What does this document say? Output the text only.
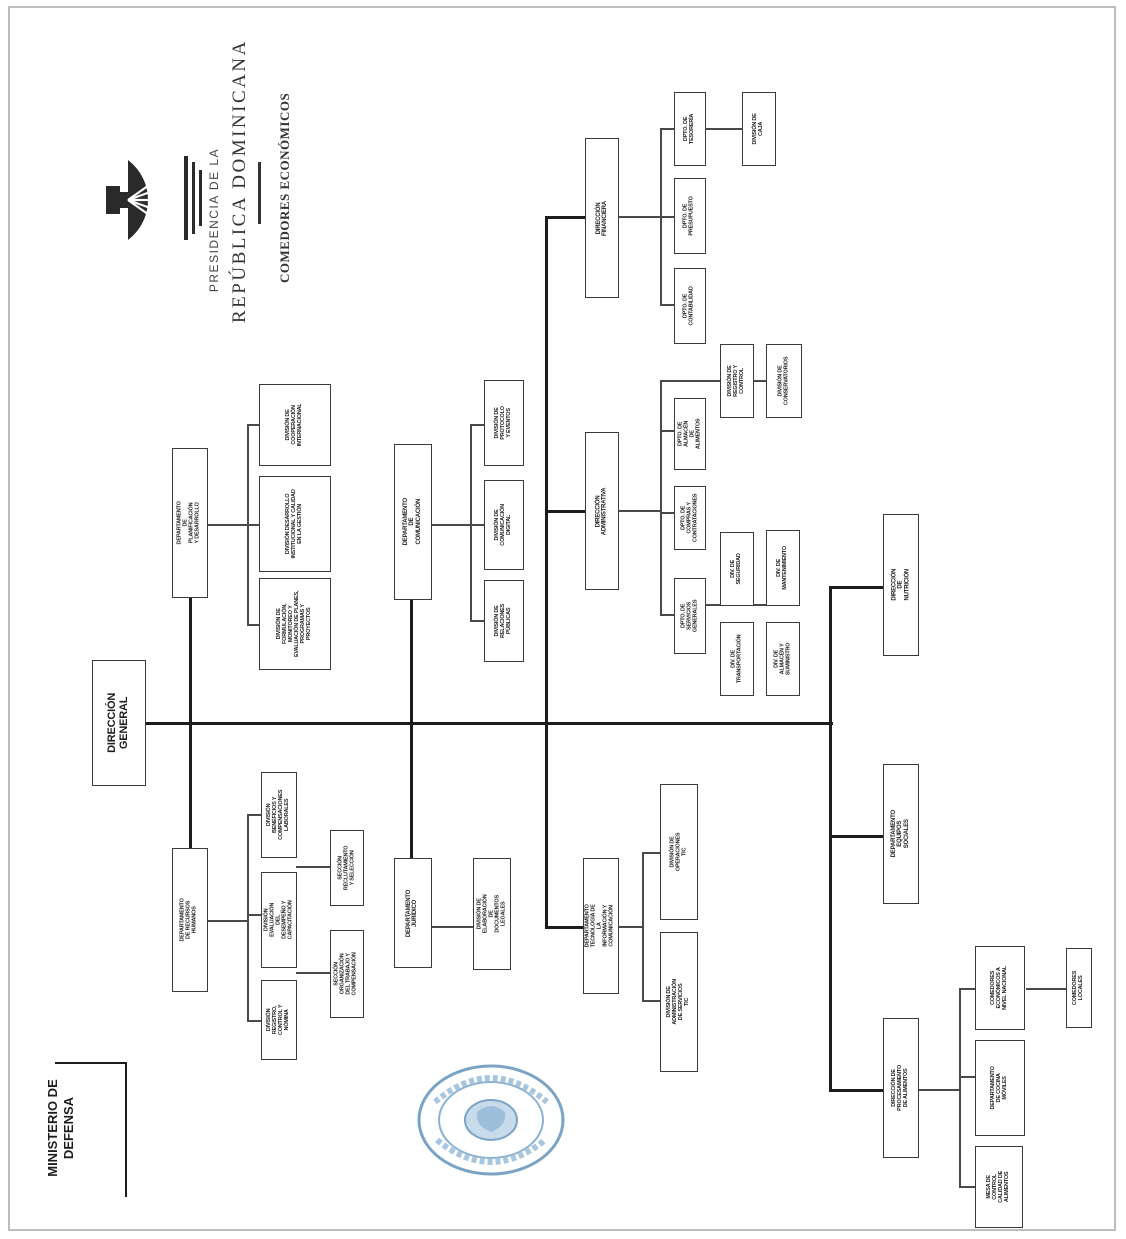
PRESIDENCIA DE LA REPÚBLICA DOMINICANA COMEDORES ECONÓMICOS
MINISTERIO DE DEFENSA
DIRECCIÓN GENERAL
DEPARTAMENTO DE PLANIFICACIÓN Y DESARROLLO
DIVISIÓN DE FORMULACIÓN, MONITOREO Y EVALUACIÓN DE PLANES, PROGRAMAS Y PROYECTOS
DIVISIÓN DESARROLLO INSTITUCIONAL Y CALIDAD EN LA GESTIÓN
DIVISIÓN DE COOPERACIÓN INTERNACIONAL
DEPARTAMENTO DE COMUNICACIÓN
DIVISIÓN DE RELACIONES PÚBLICAS
DIVISIÓN DE COMUNICACIÓN DIGITAL
DIVISIÓN DE PROTOCOLO Y EVENTOS
DEPARTAMENTO DE RECURSOS HUMANOS
DIVISIÓN REGISTRO, CONTROL Y NÓMINA
DIVISIÓN EVALUACIÓN DEL DESEMPEÑO Y CAPACITACIÓN
DIVISIÓN BENEFICIOS Y COMPENSACIONES LABORALES
SECCIÓN ORGANIZACIÓN DEL TRABAJO Y COMPENSACIÓN
SECCIÓN RECLUTAMIENTO Y SELECCIÓN
DEPARTAMENTO JURÍDICO	DIVISIÓN DE ELABORACIÓN DE DOCUMENTOS LEGALES	DEPARTAMENTO TECNOLOGÍA DE LA INFORMACIÓN Y COMUNICACIÓN
DIVISIÓN DE ADMINISTRACIÓN DE SERVICIOS TIC
DIVISIÓN DE OPERACIONES TIC
DIRECCIÓN FINANCIERA
DPTO. DE CONTABILIDAD
DPTO. DE PRESUPUESTO
DPTO. DE TESORERÍA	DIVISIÓN DE CAJA
DIRECCIÓN ADMINISTRATIVA
DPTO. DE SERVICIOS GENERALES
DPTO. DE COMPRAS Y CONTRATACIONES
DPTO. DE ALMACÉN DE ALIMENTOS
DIV. DE TRANSPORTACIÓN
DIV. DE SEGURIDAD
DIV. DE ALMACÉN Y SUMINISTRO
DIV. DE MANTENIMIENTO
DIVISIÓN DE REGISTRO Y CONTROL	DIVISIÓN DE CONSERVATORIOS
DIRECCIÓN DE NUTRICIÓN
DEPARTAMENTO EQUIPOS SOCIALES
DIRECCIÓN DE PROCESAMIENTO DE ALIMENTOS
MESA DE CONTROL CALIDAD DE ALIMENTOS
DEPARTAMENTO DE COCINA MÓVILES
COMEDORES ECONÓMICOS A NIVEL NACIONAL	COMEDORES LOCALES
